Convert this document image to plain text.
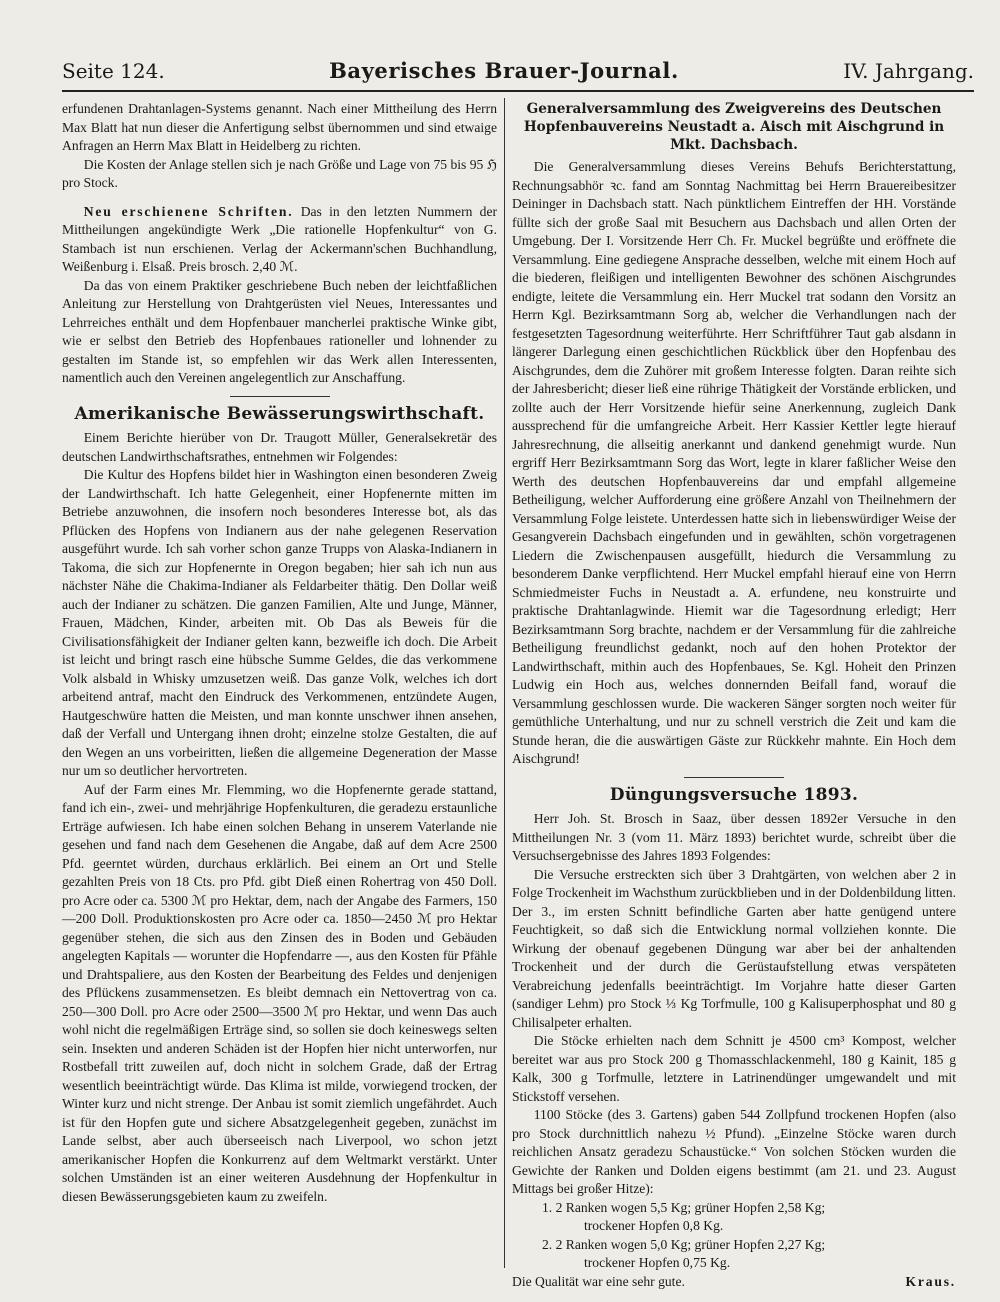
Seite 124.	Bayerisches Brauer-Journal.	IV. Jahrgang.

erfundenen Drahtanlagen-Systems genannt. Nach einer Mittheilung des Herrn Max Blatt hat nun dieser die Anfertigung selbst übernommen und sind etwaige Anfragen an Herrn Max Blatt in Heidelberg zu richten.

Die Kosten der Anlage stellen sich je nach Größe und Lage von 75 bis 95 ℌ pro Stock.

Neu erschienene Schriften. Das in den letzten Nummern der Mittheilungen angekündigte Werk „Die rationelle Hopfenkultur“ von G. Stambach ist nun erschienen. Verlag der Ackermann'schen Buchhandlung, Weißenburg i. Elsaß. Preis brosch. 2,40 ℳ.

Da das von einem Praktiker geschriebene Buch neben der leichtfaßlichen Anleitung zur Herstellung von Drahtgerüsten viel Neues, Interessantes und Lehrreiches enthält und dem Hopfenbauer mancherlei praktische Winke gibt, wie er selbst den Betrieb des Hopfenbaues rationeller und lohnender zu gestalten im Stande ist, so empfehlen wir das Werk allen Interessenten, namentlich auch den Vereinen angelegentlich zur Anschaffung.

Amerikanische Bewässerungswirthschaft.

Einem Berichte hierüber von Dr. Traugott Müller, Generalsekretär des deutschen Landwirthschaftsrathes, entnehmen wir Folgendes:

Die Kultur des Hopfens bildet hier in Washington einen besonderen Zweig der Landwirthschaft. Ich hatte Gelegenheit, einer Hopfenernte mitten im Betriebe anzuwohnen, die insofern noch besonderes Interesse bot, als das Pflücken des Hopfens von Indianern aus der nahe gelegenen Reservation ausgeführt wurde. Ich sah vorher schon ganze Trupps von Alaska-Indianern in Takoma, die sich zur Hopfenernte in Oregon begaben; hier sah ich nun aus nächster Nähe die Chakima-Indianer als Feldarbeiter thätig. Den Dollar weiß auch der Indianer zu schätzen. Die ganzen Familien, Alte und Junge, Männer, Frauen, Mädchen, Kinder, arbeiten mit. Ob Das als Beweis für die Civilisationsfähigkeit der Indianer gelten kann, bezweifle ich doch. Die Arbeit ist leicht und bringt rasch eine hübsche Summe Geldes, die das verkommene Volk alsbald in Whisky umzusetzen weiß. Das ganze Volk, welches ich dort arbeitend antraf, macht den Eindruck des Verkommenen, entzündete Augen, Hautgeschwüre hatten die Meisten, und man konnte unschwer ihnen ansehen, daß der Verfall und Untergang ihnen droht; einzelne stolze Gestalten, die auf den Wegen an uns vorbeiritten, ließen die allgemeine Degeneration der Masse nur um so deutlicher hervortreten.

Auf der Farm eines Mr. Flemming, wo die Hopfenernte gerade stattand, fand ich ein-, zwei- und mehrjährige Hopfenkulturen, die geradezu erstaunliche Erträge aufwiesen. Ich habe einen solchen Behang in unserem Vaterlande nie gesehen und fand nach dem Gesehenen die Angabe, daß auf dem Acre 2500 Pfd. geerntet würden, durchaus erklärlich. Bei einem an Ort und Stelle gezahlten Preis von 18 Cts. pro Pfd. gibt Dieß einen Rohertrag von 450 Doll. pro Acre oder ca. 5300 ℳ pro Hektar, dem, nach der Angabe des Farmers, 150—200 Doll. Produktionskosten pro Acre oder ca. 1850—2450 ℳ pro Hektar gegenüber stehen, die sich aus den Zinsen des in Boden und Gebäuden angelegten Kapitals — worunter die Hopfendarre —, aus den Kosten für Pfähle und Drahtspaliere, aus den Kosten der Bearbeitung des Feldes und denjenigen des Pflückens zusammensetzen. Es bleibt demnach ein Nettovertrag von ca. 250—300 Doll. pro Acre oder 2500—3500 ℳ pro Hektar, und wenn Das auch wohl nicht die regelmäßigen Erträge sind, so sollen sie doch keineswegs selten sein. Insekten und anderen Schäden ist der Hopfen hier nicht unterworfen, nur Rostbefall tritt zuweilen auf, doch nicht in solchem Grade, daß der Ertrag wesentlich beeinträchtigt würde. Das Klima ist milde, vorwiegend trocken, der Winter kurz und nicht strenge. Der Anbau ist somit ziemlich ungefährdet. Auch ist für den Hopfen gute und sichere Absatzgelegenheit gegeben, zunächst im Lande selbst, aber auch überseeisch nach Liverpool, wo schon jetzt amerikanischer Hopfen die Konkurrenz auf dem Weltmarkt verstärkt. Unter solchen Umständen ist an einer weiteren Ausdehnung der Hopfenkultur in diesen Bewässerungsgebieten kaum zu zweifeln.

Generalversammlung des Zweigvereins des Deutschen Hopfenbauvereins Neustadt a. Aisch mit Aischgrund in Mkt. Dachsbach.

Die Generalversammlung dieses Vereins Behufs Berichterstattung, Rechnungsabhör ꝛc. fand am Sonntag Nachmittag bei Herrn Brauereibesitzer Deininger in Dachsbach statt. Nach pünktlichem Eintreffen der HH. Vorstände füllte sich der große Saal mit Besuchern aus Dachsbach und allen Orten der Umgebung. Der I. Vorsitzende Herr Ch. Fr. Muckel begrüßte und eröffnete die Versammlung. Eine gediegene Ansprache desselben, welche mit einem Hoch auf die biederen, fleißigen und intelligenten Bewohner des schönen Aischgrundes endigte, leitete die Versammlung ein. Herr Muckel trat sodann den Vorsitz an Herrn Kgl. Bezirksamtmann Sorg ab, welcher die Verhandlungen nach der festgesetzten Tagesordnung weiterführte. Herr Schriftführer Taut gab alsdann in längerer Darlegung einen geschichtlichen Rückblick über den Hopfenbau des Aischgrundes, dem die Zuhörer mit großem Interesse folgten. Daran reihte sich der Jahresbericht; dieser ließ eine rührige Thätigkeit der Vorstände erblicken, und zollte auch der Herr Vorsitzende hiefür seine Anerkennung, zugleich Dank aussprechend für die umfangreiche Arbeit. Herr Kassier Kettler legte hierauf Jahresrechnung, die allseitig anerkannt und dankend genehmigt wurde. Nun ergriff Herr Bezirksamtmann Sorg das Wort, legte in klarer faßlicher Weise den Werth des deutschen Hopfenbauvereins dar und empfahl allgemeine Betheiligung, welcher Aufforderung eine größere Anzahl von Theilnehmern der Versammlung Folge leistete. Unterdessen hatte sich in liebenswürdiger Weise der Gesangverein Dachsbach eingefunden und in gewählten, schön vorgetragenen Liedern die Zwischenpausen ausgefüllt, hiedurch die Versammlung zu besonderem Danke verpflichtend. Herr Muckel empfahl hierauf eine von Herrn Schmiedmeister Fuchs in Neustadt a. A. erfundene, neu konstruirte und praktische Drahtanlagwinde. Hiemit war die Tagesordnung erledigt; Herr Bezirksamtmann Sorg brachte, nachdem er der Versammlung für die zahlreiche Betheiligung freundlichst gedankt, noch auf den hohen Protektor der Landwirthschaft, mithin auch des Hopfenbaues, Se. Kgl. Hoheit den Prinzen Ludwig ein Hoch aus, welches donnernden Beifall fand, worauf die Versammlung geschlossen wurde. Die wackeren Sänger sorgten noch weiter für gemüthliche Unterhaltung, und nur zu schnell verstrich die Zeit und kam die Stunde heran, die die auswärtigen Gäste zur Rückkehr mahnte. Ein Hoch dem Aischgrund!

Düngungsversuche 1893.

Herr Joh. St. Brosch in Saaz, über dessen 1892er Versuche in den Mittheilungen Nr. 3 (vom 11. März 1893) berichtet wurde, schreibt über die Versuchsergebnisse des Jahres 1893 Folgendes:

Die Versuche erstreckten sich über 3 Drahtgärten, von welchen aber 2 in Folge Trockenheit im Wachsthum zurückblieben und in der Doldenbildung litten. Der 3., im ersten Schnitt befindliche Garten aber hatte genügend untere Feuchtigkeit, so daß sich die Entwicklung normal vollziehen konnte. Die Wirkung der obenauf gegebenen Düngung war aber bei der anhaltenden Trockenheit und der durch die Gerüstaufstellung etwas verspäteten Verabreichung jedenfalls beeinträchtigt. Im Vorjahre hatte dieser Garten (sandiger Lehm) pro Stock ⅓ Kg Torfmulle, 100 g Kalisuperphosphat und 80 g Chilisalpeter erhalten.

Die Stöcke erhielten nach dem Schnitt je 4500 cm³ Kompost, welcher bereitet war aus pro Stock 200 g Thomasschlackenmehl, 180 g Kainit, 185 g Kalk, 300 g Torfmulle, letztere in Latrinendünger umgewandelt und mit Stickstoff versehen.

1100 Stöcke (des 3. Gartens) gaben 544 Zollpfund trockenen Hopfen (also pro Stock durchnittlich nahezu ½ Pfund). „Einzelne Stöcke waren durch reichlichen Ansatz geradezu Schaustücke.“ Von solchen Stöcken wurden die Gewichte der Ranken und Dolden eigens bestimmt (am 21. und 23. August Mittags bei großer Hitze):

1. 2 Ranken wogen 5,5 Kg; grüner Hopfen 2,58 Kg;

trockener Hopfen 0,8 Kg.

2. 2 Ranken wogen 5,0 Kg; grüner Hopfen 2,27 Kg;

trockener Hopfen 0,75 Kg.

Die Qualität war eine sehr gute.	Kraus.
